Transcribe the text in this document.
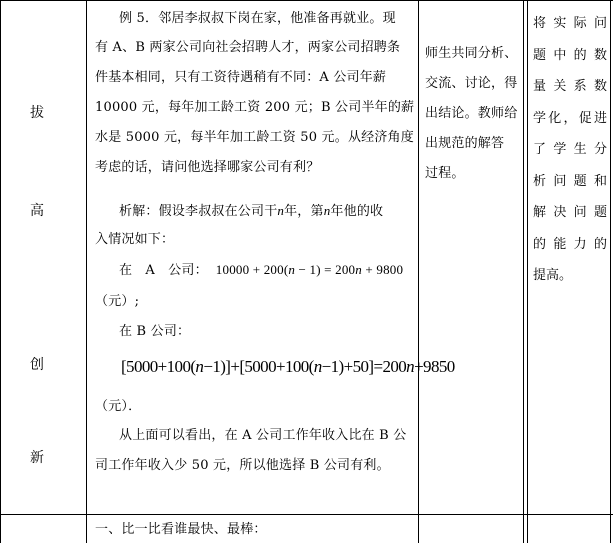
拔
高
创
新
例 5．邻居李叔叔下岗在家，他准备再就业。现
有 A、B 两家公司向社会招聘人才，两家公司招聘条
件基本相同，只有工资待遇稍有不同：A 公司年薪
10000 元，每年加工龄工资 200 元；B 公司半年的薪
水是 5000 元，每半年加工龄工资 50 元。从经济角度
考虑的话，请问他选择哪家公司有利？
析解：假设李叔叔在公司干n年，第n年他的收
入情况如下：
在　A　公司： 10000 + 200(n − 1) = 200n + 9800
（元）;
在 B 公司：
[5000+100(n−1)]+[5000+100(n−1)+50]=200n+9850
（元）．
从上面可以看出，在 A 公司工作年收入比在 B 公
司工作年收入少 50 元，所以他选择 B 公司有利。
一、比一比看谁最快、最棒：
师生共同分析、
交流、讨论，得
出结论。教师给
出规范的解答
过程。
将实际问
题中的数
量关系数
学化，促进
了学生分
析问题和
解决问题
的能力的
提高。
